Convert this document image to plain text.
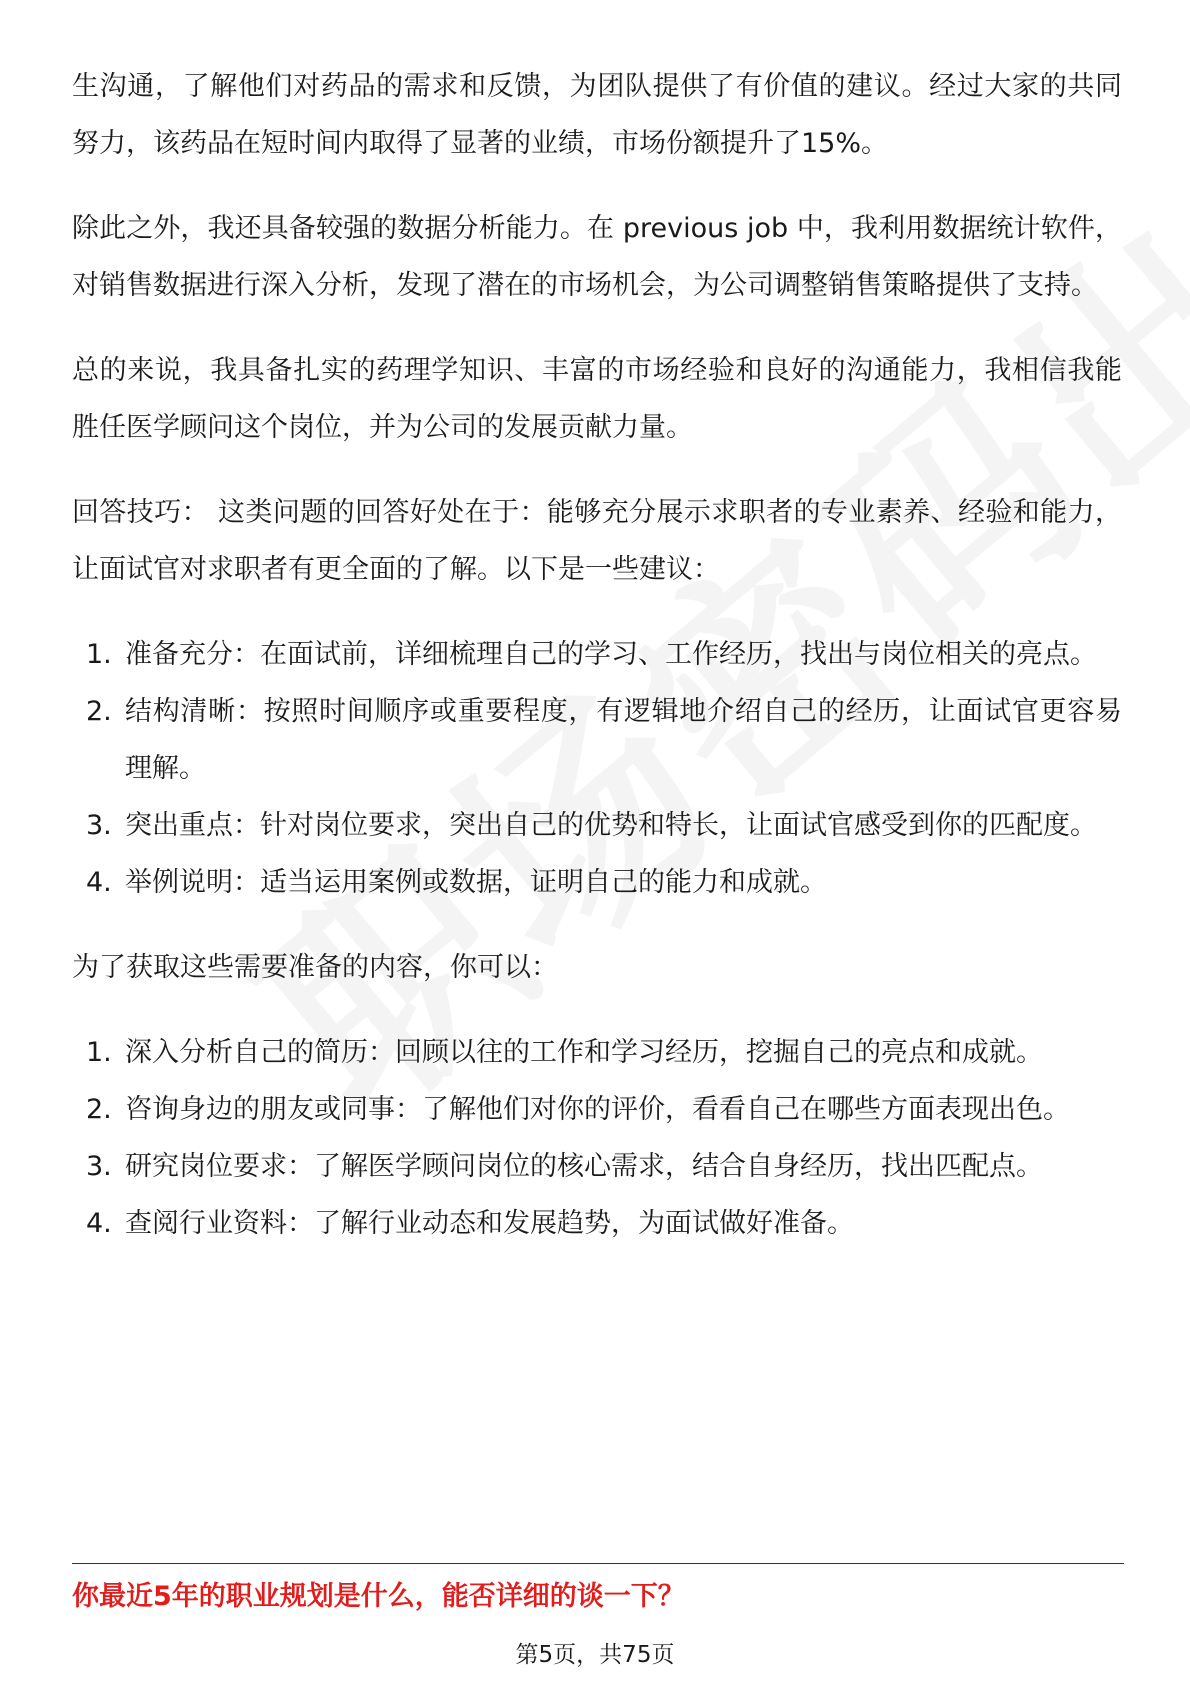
生沟通，了解他们对药品的需求和反馈，为团队提供了有价值的建议。经过大家的共同努力，该药品在短时间内取得了显著的业绩，市场份额提升了15%。

除此之外，我还具备较强的数据分析能力。在 previous job 中，我利用数据统计软件，对销售数据进行深入分析，发现了潜在的市场机会，为公司调整销售策略提供了支持。

总的来说，我具备扎实的药理学知识、丰富的市场经验和良好的沟通能力，我相信我能胜任医学顾问这个岗位，并为公司的发展贡献力量。

回答技巧： 这类问题的回答好处在于：能够充分展示求职者的专业素养、经验和能力，让面试官对求职者有更全面的了解。以下是一些建议：

1. 准备充分：在面试前，详细梳理自己的学习、工作经历，找出与岗位相关的亮点。
2. 结构清晰：按照时间顺序或重要程度，有逻辑地介绍自己的经历，让面试官更容易理解。
3. 突出重点：针对岗位要求，突出自己的优势和特长，让面试官感受到你的匹配度。
4. 举例说明：适当运用案例或数据，证明自己的能力和成就。

为了获取这些需要准备的内容，你可以：

1. 深入分析自己的简历：回顾以往的工作和学习经历，挖掘自己的亮点和成就。
2. 咨询身边的朋友或同事：了解他们对你的评价，看看自己在哪些方面表现出色。
3. 研究岗位要求：了解医学顾问岗位的核心需求，结合自身经历，找出匹配点。
4. 查阅行业资料：了解行业动态和发展趋势，为面试做好准备。
你最近5年的职业规划是什么，能否详细的谈一下？
第5页，共75页
